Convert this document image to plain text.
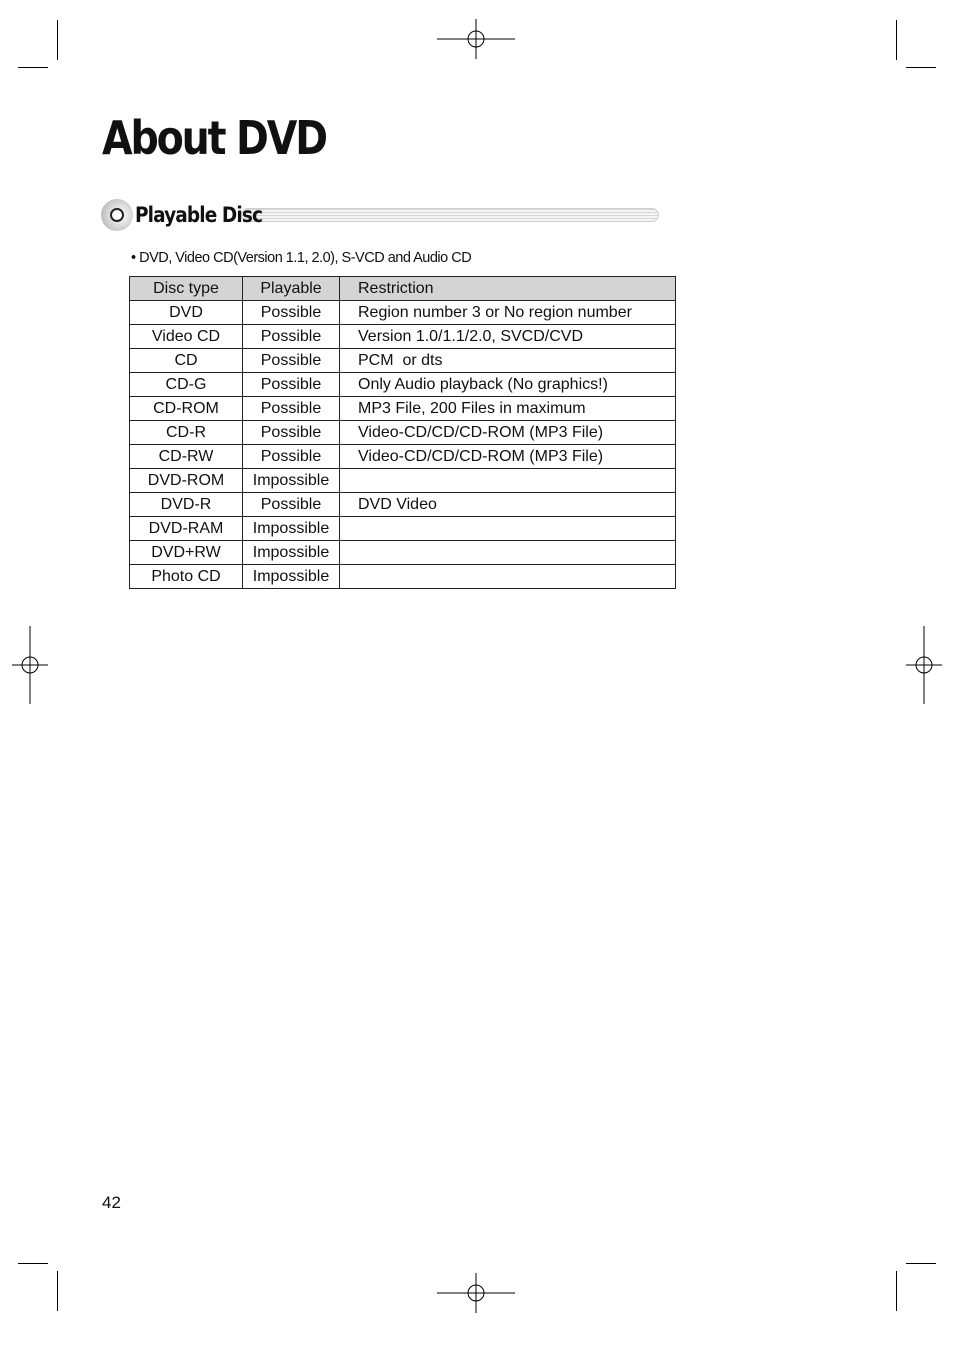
About DVD
Playable Disc

• DVD, Video CD(Version 1.1, 2.0), S-VCD and Audio CD

Disc type	Playable	Restriction
DVD	Possible	Region number 3 or No region number
Video CD	Possible	Version 1.0/1.1/2.0, SVCD/CVD
CD	Possible	PCM  or dts
CD-G	Possible	Only Audio playback (No graphics!)
CD-ROM	Possible	MP3 File, 200 Files in maximum
CD-R	Possible	Video-CD/CD/CD-ROM (MP3 File)
CD-RW	Possible	Video-CD/CD/CD-ROM (MP3 File)
DVD-ROM	Impossible	
DVD-R	Possible	DVD Video
DVD-RAM	Impossible	
DVD+RW	Impossible	
Photo CD	Impossible	

42
